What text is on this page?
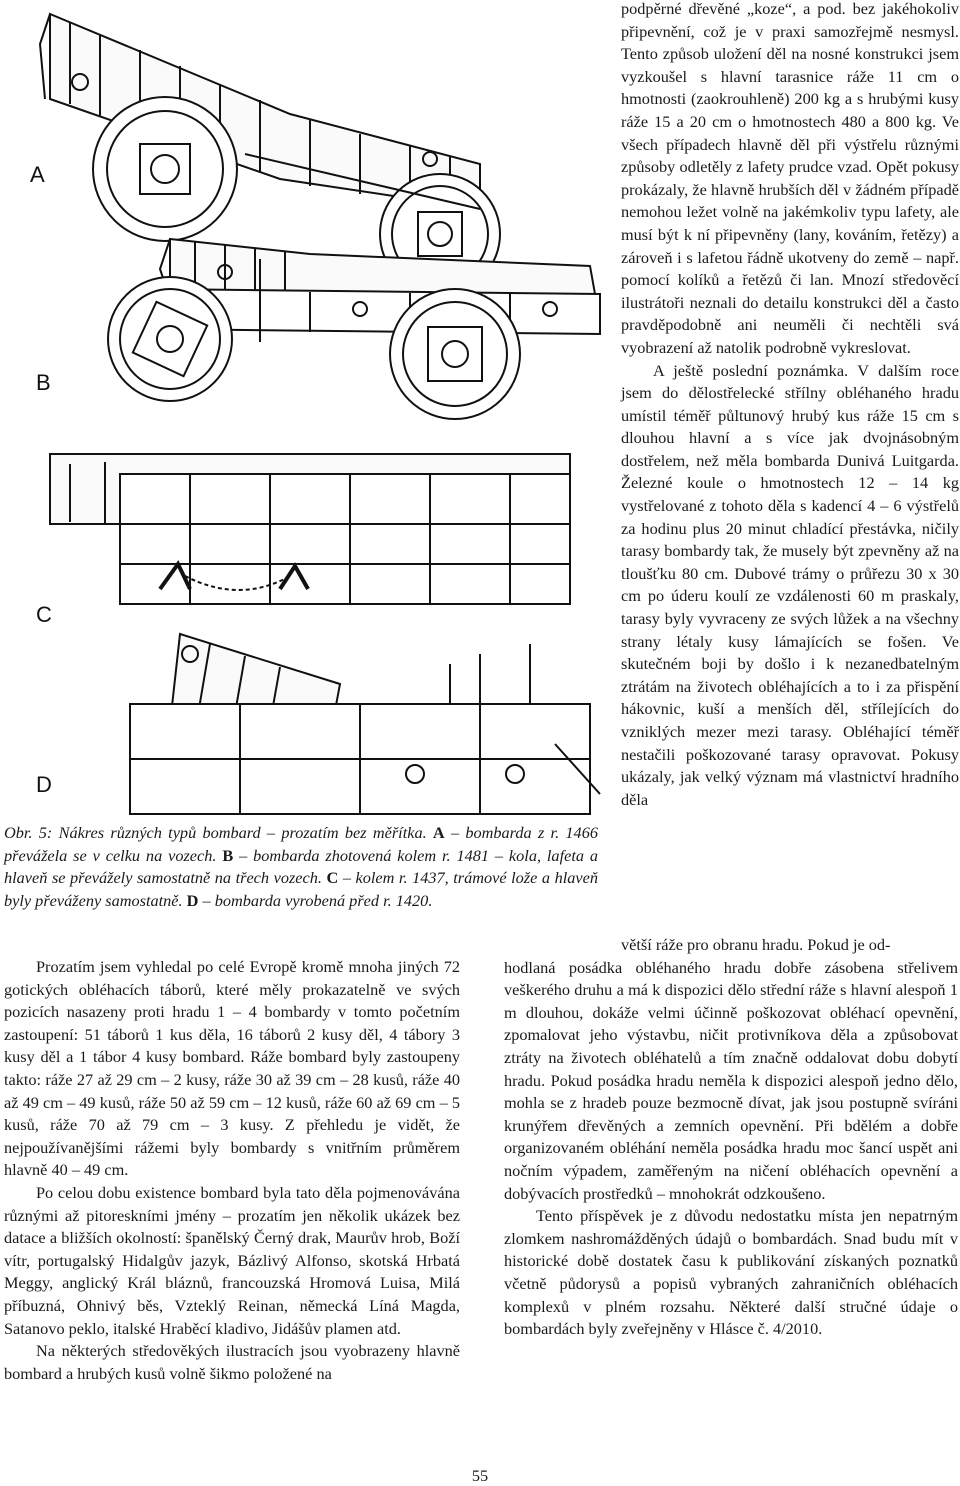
A
B
C
D
Obr. 5: Nákres různých typů bombard – prozatím bez měřítka. A – bombarda z r. 1466 převážela se v celku na vozech. B – bombarda zhotovená kolem r. 1481 – kola, lafeta a hlaveň se převážely samostatně na třech vozech. C – kolem r. 1437, trámové lože a hlaveň byly převáženy samostatně. D – bombarda vyrobená před r. 1420.

podpěrné dřevěné „koze“, a pod. bez jakéhokoliv připevnění, což je v praxi samozřejmě nesmysl. Tento způsob uložení děl na nosné konstrukci jsem vyzkoušel s hlavní tarasnice ráže 11 cm o hmotnosti (zaokrouhleně) 200 kg a s hrubými kusy ráže 15 a 20 cm o hmotnostech 480 a 800 kg. Ve všech případech hlavně děl při výstřelu různými způsoby odletěly z lafety prudce vzad. Opět pokusy prokázaly, že hlavně hrubších děl v žádném případě nemohou ležet volně na jakémkoliv typu lafety, ale musí být k ní připevněny (lany, kováním, řetězy) a zároveň i s lafetou řádně ukotveny do země – např. pomocí kolíků a řetězů či lan. Mnozí středověcí ilustrátoři neznali do detailu konstrukci děl a často pravděpodobně ani neuměli či nechtěli svá vyobrazení až natolik podrobně vykreslovat.

A ještě poslední poznámka. V dalším roce jsem do dělostřelecké střílny obléhaného hradu umístil téměř půltunový hrubý kus ráže 15 cm s dlouhou hlavní a s více jak dvojnásobným dostřelem, než měla bombarda Dunivá Luitgarda. Železné koule o hmotnostech 12 – 14 kg vystřelované z tohoto děla s kadencí 4 – 6 výstřelů za hodinu plus 20 minut chladící přestávka, ničily tarasy bombardy tak, že musely být zpevněny až na tloušťku 80 cm. Dubové trámy o průřezu 30 x 30 cm po úderu koulí ze vzdálenosti 60 m praskaly, tarasy byly vyvraceny ze svých lůžek a na všechny strany létaly kusy lámajících se fošen. Ve skutečném boji by došlo i k nezanedbatelným ztrátám na životech obléhajících a to i za přispění hákovnic, kuší a menších děl, střílejících do vzniklých mezer mezi tarasy. Obléhající téměř nestačili poškozované tarasy opravovat. Pokusy ukázaly, jak velký význam má vlastnictví hradního děla

větší ráže pro obranu hradu. Pokud je od-

hodlaná posádka obléhaného hradu dobře zásobena střelivem veškerého druhu a má k dispozici dělo střední ráže s hlavní alespoň 1 m dlouhou, dokáže velmi účinně poškozovat obléhací opevnění, zpomalovat jeho výstavbu, ničit protivníkova děla a způsobovat ztráty na životech obléhatelů a tím značně oddalovat dobu dobytí hradu. Pokud posádka hradu neměla k dispozici alespoň jedno dělo, mohla se z hradeb pouze bezmocně dívat, jak jsou postupně svíráni krunýřem dřevěných a zemních opevnění. Při bdělém a dobře organizovaném obléhání neměla posádka hradu moc šancí uspět ani nočním výpadem, zaměřeným na ničení obléhacích opevnění a dobývacích prostředků – mnohokrát odzkoušeno.

Tento příspěvek je z důvodu nedostatku místa jen nepatrným zlomkem nashromážděných údajů o bombardách. Snad budu mít v historické době dostatek času k publikování získaných poznatků včetně půdorysů a popisů vybraných zahraničních obléhacích komplexů v plném rozsahu. Některé další stručné údaje o bombardách byly zveřejněny v Hlásce č. 4/2010.

Prozatím jsem vyhledal po celé Evropě kromě mnoha jiných 72 gotických obléhacích táborů, které měly prokazatelně ve svých pozicích nasazeny proti hradu 1 – 4 bombardy v tomto početním zastoupení: 51 táborů 1 kus děla, 16 táborů 2 kusy děl, 4 tábory 3 kusy děl a 1 tábor 4 kusy bombard. Ráže bombard byly zastoupeny takto: ráže 27 až 29 cm – 2 kusy, ráže 30 až 39 cm – 28 kusů, ráže 40 až 49 cm – 49 kusů, ráže 50 až 59 cm – 12 kusů, ráže 60 až 69 cm – 5 kusů, ráže 70 až 79 cm – 3 kusy. Z přehledu je vidět, že nejpoužívanějšími rážemi byly bombardy s vnitřním průměrem hlavně 40 – 49 cm.

Po celou dobu existence bombard byla tato děla pojmenovávána různými až pitoreskními jmény – prozatím jen několik ukázek bez datace a bližších okolností: španělský Černý drak, Maurův hrob, Boží vítr, portugalský Hidalgův jazyk, Bázlivý Alfonso, skotská Hrbatá Meggy, anglický Král bláznů, francouzská Hromová Luisa, Milá příbuzná, Ohnivý běs, Vzteklý Reinan, německá Líná Magda, Satanovo peklo, italské Hraběcí kladivo, Jidášův plamen atd.

Na některých středověkých ilustracích jsou vyobrazeny hlavně bombard a hrubých kusů volně šikmo položené na

55
